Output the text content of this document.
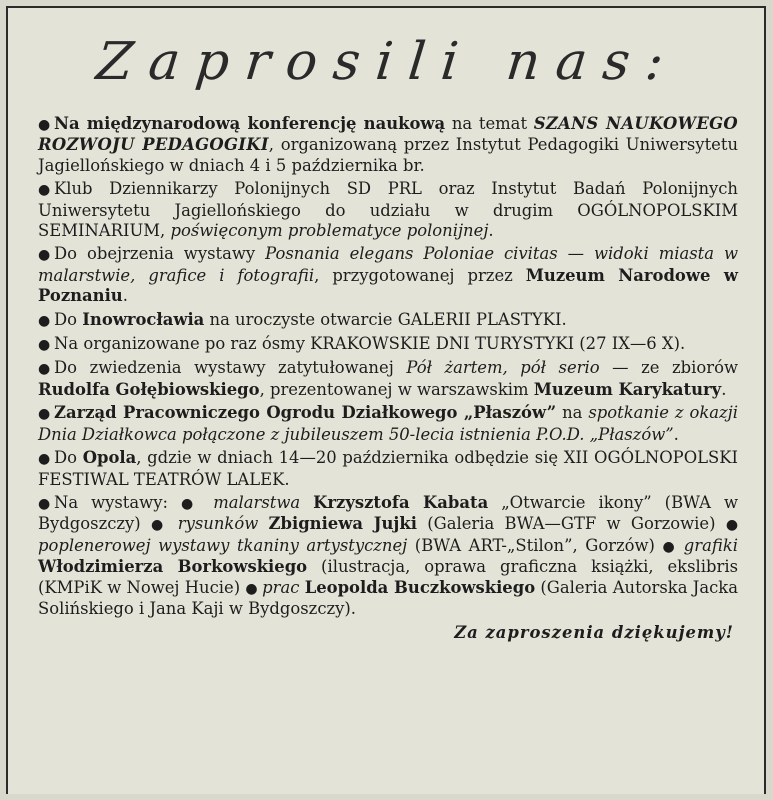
Zaprosili nas:
● Na międzynarodową konferencję naukową na temat SZANS NAUKOWEGO ROZWOJU PEDAGOGIKI, organizowaną przez Instytut Pedagogiki Uniwersytetu Jagiellońskiego w dniach 4 i 5 października br.
● Klub Dziennikarzy Polonijnych SD PRL oraz Instytut Badań Polonijnych Uniwersytetu Jagiellońskiego do udziału w drugim OGÓLNOPOLSKIM SEMINARIUM, poświęconym problematyce polonijnej.
● Do obejrzenia wystawy Posnania elegans Poloniae civitas — widoki miasta w malarstwie, grafice i fotografii, przygotowanej przez Muzeum Narodowe w Poznaniu.
● Do Inowrocławia na uroczyste otwarcie GALERII PLASTYKI.
● Na organizowane po raz ósmy KRAKOWSKIE DNI TURYSTYKI (27 IX—6 X).
● Do zwiedzenia wystawy zatytułowanej Pół żartem, pół serio — ze zbiorów Rudolfa Gołębiowskiego, prezentowanej w warszawskim Muzeum Karykatury.
● Zarząd Pracowniczego Ogrodu Działkowego „Płaszów” na spotkanie z okazji Dnia Działkowca połączone z jubileuszem 50-lecia istnienia P.O.D. „Płaszów”.
● Do Opola, gdzie w dniach 14—20 października odbędzie się XII OGÓLNOPOLSKI FESTIWAL TEATRÓW LALEK.
● Na wystawy: ● malarstwa Krzysztofa Kabata „Otwarcie ikony” (BWA w Bydgoszczy) ● rysunków Zbigniewa Jujki (Galeria BWA—GTF w Gorzowie) ● poplenerowej wystawy tkaniny artystycznej (BWA ART-„Stilon”, Gorzów) ● grafiki Włodzimierza Borkowskiego (ilustracja, oprawa graficzna książki, ekslibris (KMPiK w Nowej Hucie) ● prac Leopolda Buczkowskiego (Galeria Autorska Jacka Solińskiego i Jana Kaji w Bydgoszczy).
Za zaproszenia dziękujemy!
